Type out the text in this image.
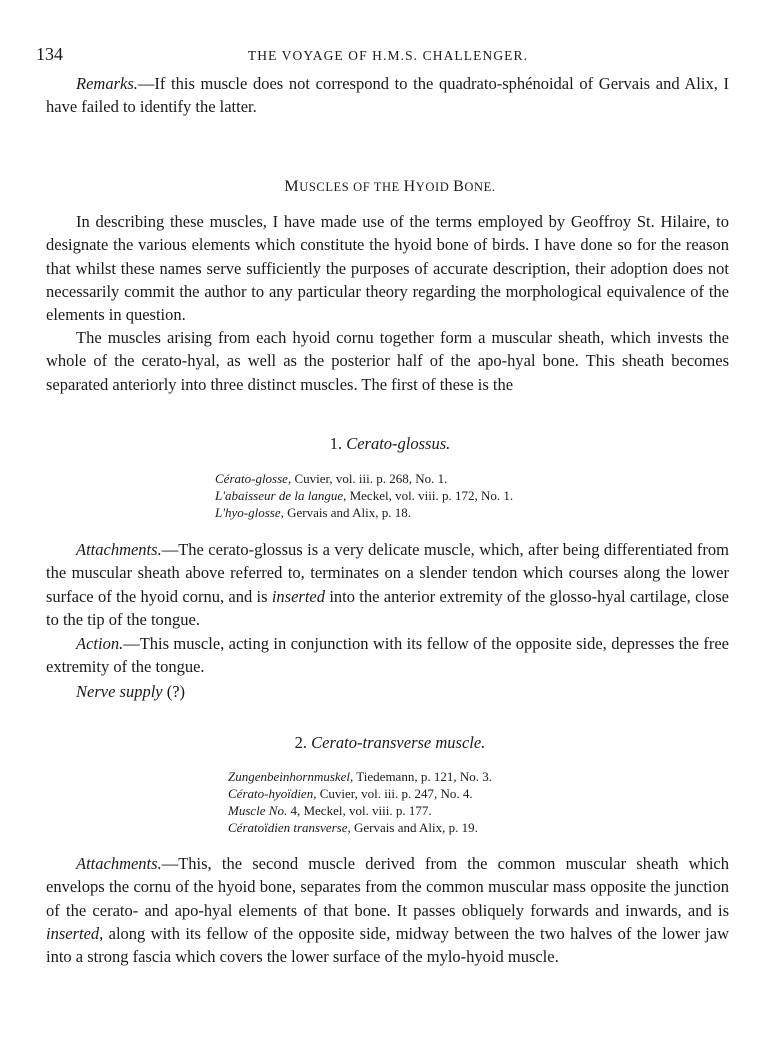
134	THE VOYAGE OF H.M.S. CHALLENGER.

Remarks.—If this muscle does not correspond to the quadrato-sphénoidal of Gervais and Alix, I have failed to identify the latter.

MUSCLES OF THE HYOID BONE.

In describing these muscles, I have made use of the terms employed by Geoffroy St. Hilaire, to designate the various elements which constitute the hyoid bone of birds. I have done so for the reason that whilst these names serve sufficiently the purposes of accurate description, their adoption does not necessarily commit the author to any particular theory regarding the morphological equivalence of the elements in question.

The muscles arising from each hyoid cornu together form a muscular sheath, which invests the whole of the cerato-hyal, as well as the posterior half of the apo-hyal bone. This sheath becomes separated anteriorly into three distinct muscles. The first of these is the

1. Cerato-glossus.
Cérato-glosse, Cuvier, vol. iii. p. 268, No. 1.
L'abaisseur de la langue, Meckel, vol. viii. p. 172, No. 1.
L'hyo-glosse, Gervais and Alix, p. 18.

Attachments.—The cerato-glossus is a very delicate muscle, which, after being differentiated from the muscular sheath above referred to, terminates on a slender tendon which courses along the lower surface of the hyoid cornu, and is inserted into the anterior extremity of the glosso-hyal cartilage, close to the tip of the tongue.

Action.—This muscle, acting in conjunction with its fellow of the opposite side, depresses the free extremity of the tongue.

Nerve supply (?)

2. Cerato-transverse muscle.
Zungenbeinhornmuskel, Tiedemann, p. 121, No. 3.
Cérato-hyoïdien, Cuvier, vol. iii. p. 247, No. 4.
Muscle No. 4, Meckel, vol. viii. p. 177.
Cératoïdien transverse, Gervais and Alix, p. 19.

Attachments.—This, the second muscle derived from the common muscular sheath which envelops the cornu of the hyoid bone, separates from the common muscular mass opposite the junction of the cerato- and apo-hyal elements of that bone. It passes obliquely forwards and inwards, and is inserted, along with its fellow of the opposite side, midway between the two halves of the lower jaw into a strong fascia which covers the lower surface of the mylo-hyoid muscle.
